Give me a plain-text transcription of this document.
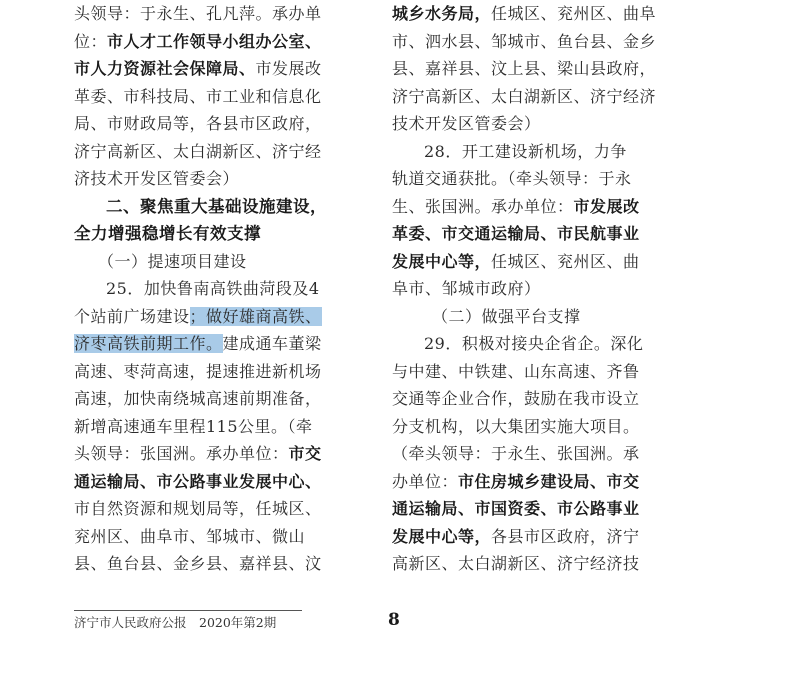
头领导：于永生、孔凡萍。承办单
位：市人才工作领导小组办公室、
市人力资源社会保障局、市发展改
革委、市科技局、市工业和信息化
局、市财政局等，各县市区政府，
济宁高新区、太白湖新区、济宁经
济技术开发区管委会）
二、聚焦重大基础设施建设，
全力增强稳增长有效支撑
（一）提速项目建设
25．加快鲁南高铁曲菏段及4
个站前广场建设；做好雄商高铁、
济枣高铁前期工作。建成通车董梁
高速、枣菏高速，提速推进新机场
高速，加快南绕城高速前期准备，
新增高速通车里程115公里。（牵
头领导：张国洲。承办单位：市交
通运输局、市公路事业发展中心、
市自然资源和规划局等，任城区、
兖州区、曲阜市、邹城市、微山
县、鱼台县、金乡县、嘉祥县、汶
城乡水务局，任城区、兖州区、曲阜
市、泗水县、邹城市、鱼台县、金乡
县、嘉祥县、汶上县、梁山县政府，
济宁高新区、太白湖新区、济宁经济
技术开发区管委会）
28．开工建设新机场，力争
轨道交通获批。（牵头领导：于永
生、张国洲。承办单位：市发展改
革委、市交通运输局、市民航事业
发展中心等，任城区、兖州区、曲
阜市、邹城市政府）
（二）做强平台支撑
29．积极对接央企省企。深化
与中建、中铁建、山东高速、齐鲁
交通等企业合作，鼓励在我市设立
分支机构，以大集团实施大项目。
（牵头领导：于永生、张国洲。承
办单位：市住房城乡建设局、市交
通运输局、市国资委、市公路事业
发展中心等，各县市区政府，济宁
高新区、太白湖新区、济宁经济技
济宁市人民政府公报　2020年第2期	8
